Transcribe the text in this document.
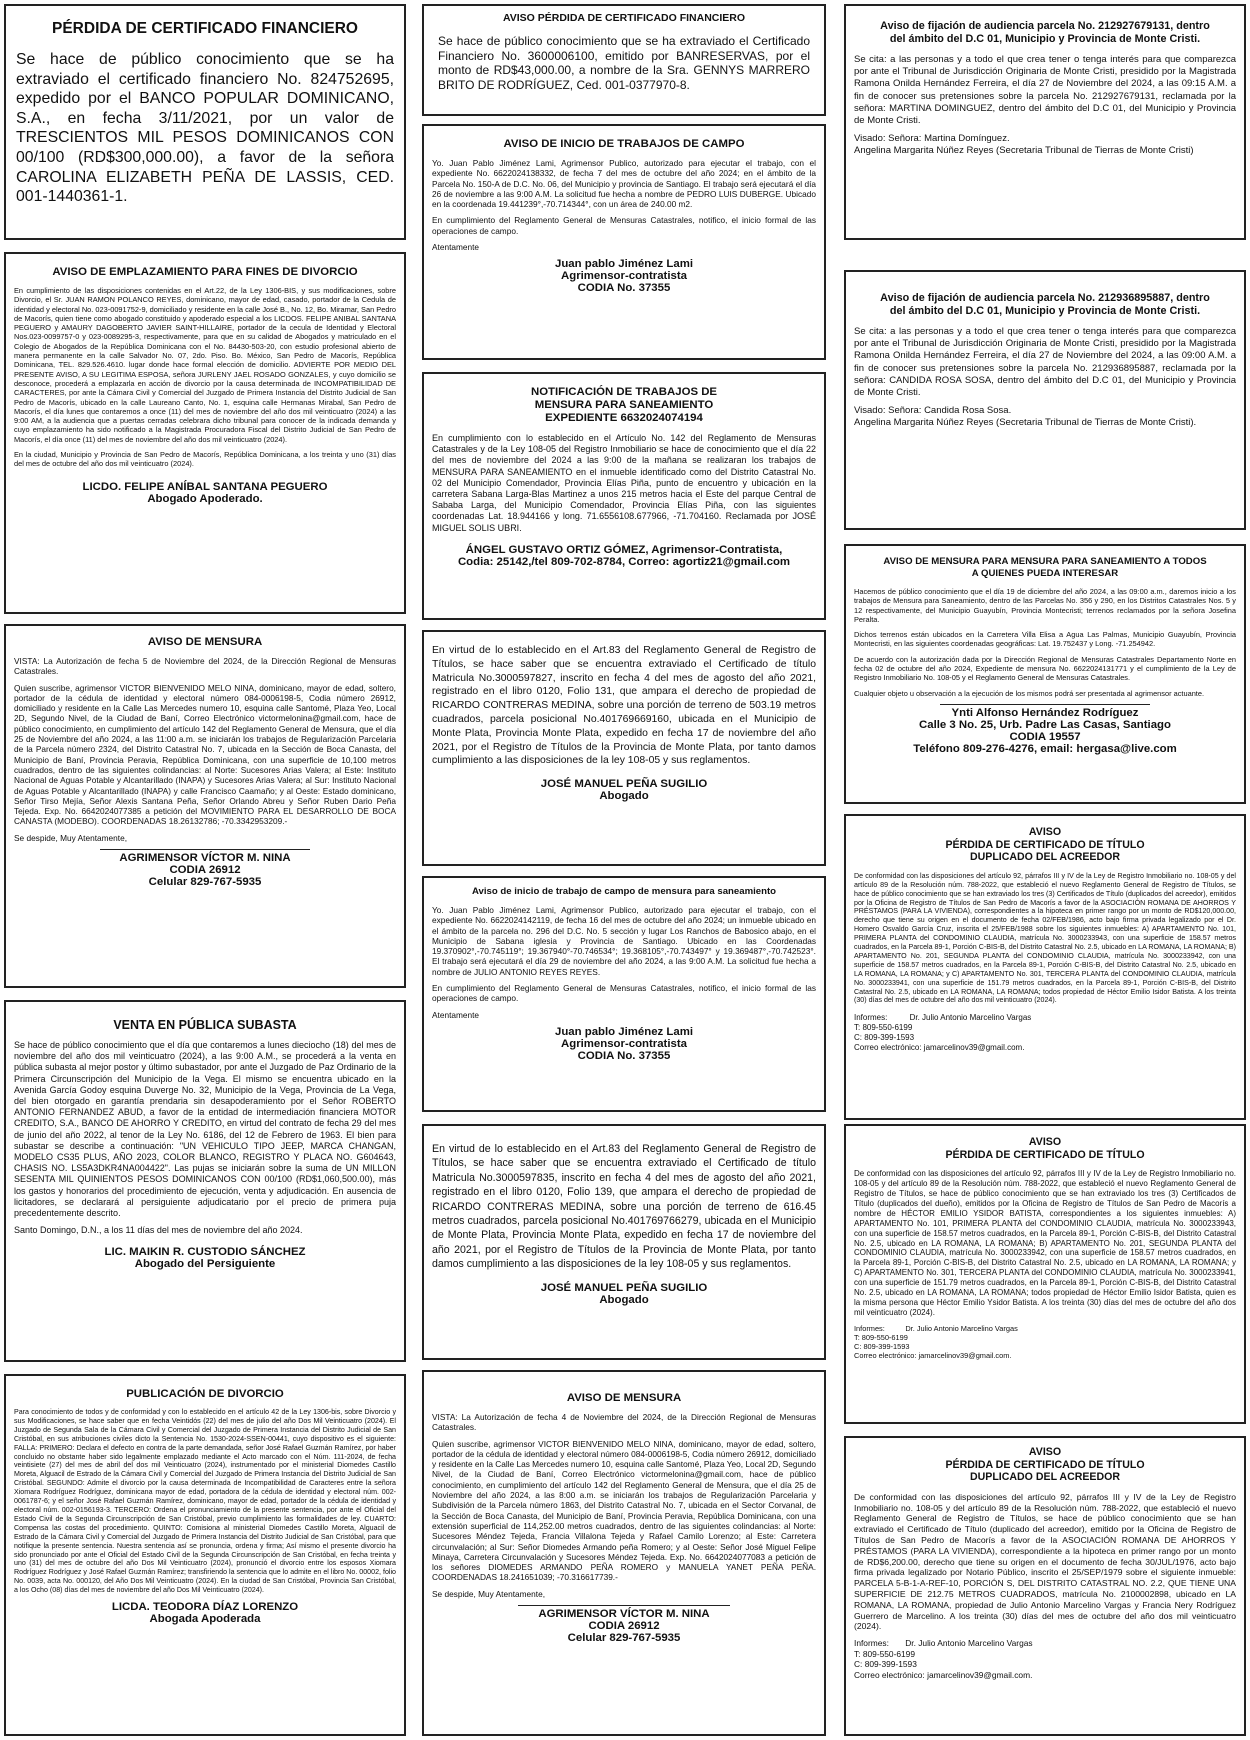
PÉRDIDA DE CERTIFICADO FINANCIERO

Se hace de público conocimiento que se ha extraviado el certificado financiero No. 824752695, expedido por el BANCO POPULAR DOMINICANO, S.A., en fecha 3/11/2021, por un valor de TRESCIENTOS MIL PESOS DOMINICANOS CON 00/100 (RD$300,000.00), a favor de la señora CAROLINA ELIZABETH PEÑA DE LASSIS, CED. 001-1440361-1.

AVISO DE EMPLAZAMIENTO PARA FINES DE DIVORCIO

En cumplimiento de las disposiciones contenidas en el Art.22, de la Ley 1306-BIS, y sus modificaciones, sobre Divorcio, el Sr. JUAN RAMON POLANCO REYES, dominicano, mayor de edad, casado, portador de la Cedula de identidad y electoral No. 023-0091752-9, domiciliado y residente en la calle José B., No. 12, Bo. Miramar, San Pedro de Macorís, quien tiene como abogado constituido y apoderado especial a los LICDOS. FELIPE ANIBAL SANTANA PEGUERO y AMAURY DAGOBERTO JAVIER SAINT-HILLAIRE, portador de la cecula de Identidad y Electoral Nos.023-0099757-0 y 023-0089295-3, respectivamente, para que en su calidad de Abogados y matriculado en el Colegio de Abogados de la República Dominicana con el No. 84430-503-20, con estudio profesional abierto de manera permanente en la calle Salvador No. 07, 2do. Piso. Bo. México, San Pedro de Macorís, República Dominicana, TEL. 829.526.4610. lugar donde hace formal elección de domicilio. ADVIERTE POR MEDIO DEL PRESENTE AVISO, A SU LEGITIMA ESPOSA, señora JURLENY JAEL ROSADO GONZALES, y cuyo domicilio se desconoce, procederá a emplazarla en acción de divorcio por la causa determinada de INCOMPATIBILIDAD DE CARACTERES, por ante la Cámara Civil y Comercial del Juzgado de Primera Instancia del Distrito Judicial de San Pedro de Macorís, ubicado en la calle Laureano Canto, No. 1, esquina calle Hermanas Mirabal, San Pedro de Macorís, el día lunes que contaremos a once (11) del mes de noviembre del año dos mil veinticuatro (2024) a las 9:00 AM, a la audiencia que a puertas cerradas celebrara dicho tribunal para conocer de la indicada demanda y cuyo emplazamiento ha sido notificado a la Magistrada Procuradora Fiscal del Distrito Judicial de San Pedro de Macorís, el día once (11) del mes de noviembre del año dos mil veinticuatro (2024).

En la ciudad, Municipio y Provincia de San Pedro de Macorís, República Dominicana, a los treinta y uno (31) días del mes de octubre del año dos mil veinticuatro (2024).

LICDO. FELIPE ANÍBAL SANTANA PEGUERO
Abogado Apoderado.
AVISO DE MENSURA

VISTA: La Autorización de fecha 5 de Noviembre del 2024, de la Dirección Regional de Mensuras Catastrales.

Quien suscribe, agrimensor VICTOR BIENVENIDO MELO NINA, dominicano, mayor de edad, soltero, portador de la cédula de identidad y electoral número 084-0006198-5, Codia número 26912, domiciliado y residente en la Calle Las Mercedes numero 10, esquina calle Santomé, Plaza Yeo, Local 2D, Segundo Nivel, de la Ciudad de Baní, Correo Electrónico victormelonina@gmail.com, hace de público conocimiento, en cumplimiento del artículo 142 del Reglamento General de Mensura, que el día 25 de Noviembre del año 2024, a las 11:00 a.m. se iniciarán los trabajos de Regularización Parcelaria de la Parcela número 2324, del Distrito Catastral No. 7, ubicada en la Sección de Boca Canasta, del Municipio de Baní, Provincia Peravia, República Dominicana, con una superficie de 10,100 metros cuadrados, dentro de las siguientes colindancias: al Norte: Sucesores Arias Valera; al Este: Instituto Nacional de Aguas Potable y Alcantarillado (INAPA) y Sucesores Arias Valera; al Sur: Instituto Nacional de Aguas Potable y Alcantarillado (INAPA) y calle Francisco Caamaño; y al Oeste: Estado dominicano, Señor Tirso Mejía, Señor Alexis Santana Peña, Señor Orlando Abreu y Señor Ruben Dario Peña Tejeda. Exp. No. 6642024077385 a petición del MOVIMIENTO PARA EL DESARROLLO DE BOCA CANASTA (MODEBO). COORDENADAS 18.26132786; -70.3342953209.-

Se despide, Muy Atentamente,

AGRIMENSOR VÍCTOR M. NINA
CODIA 26912
Celular 829-767-5935
VENTA EN PÚBLICA SUBASTA

Se hace de público conocimiento que el día que contaremos a lunes dieciocho (18) del mes de noviembre del año dos mil veinticuatro (2024), a las 9:00 A.M., se procederá a la venta en pública subasta al mejor postor y último subastador, por ante el Juzgado de Paz Ordinario de la Primera Circunscripción del Municipio de la Vega. El mismo se encuentra ubicado en la Avenida García Godoy esquina Duverge No. 32, Municipio de la Vega, Provincia de La Vega, del bien otorgado en garantía prendaria sin desapoderamiento por el Señor ROBERTO ANTONIO FERNANDEZ ABUD, a favor de la entidad de intermediación financiera MOTOR CREDITO, S.A., BANCO DE AHORRO Y CREDITO, en virtud del contrato de fecha 29 del mes de junio del año 2022, al tenor de la Ley No. 6186, del 12 de Febrero de 1963. El bien para subastar se describe a continuación: "UN VEHICULO TIPO JEEP, MARCA CHANGAN, MODELO CS35 PLUS, AÑO 2023, COLOR BLANCO, REGISTRO Y PLACA NO. G604643, CHASIS NO. LS5A3DKR4NA004422". Las pujas se iniciarán sobre la suma de UN MILLON SESENTA MIL QUINIENTOS PESOS DOMINICANOS CON 00/100 (RD$1,060,500.00), más los gastos y honorarios del procedimiento de ejecución, venta y adjudicación. En ausencia de licitadores, se declarará al persiguiente adjudicatario por el precio de primera puja precedentemente descrito.

Santo Domingo, D.N., a los 11 días del mes de noviembre del año 2024.

LIC. MAIKIN R. CUSTODIO SÁNCHEZ
Abogado del Persiguiente
PUBLICACIÓN DE DIVORCIO

Para conocimiento de todos y de conformidad y con lo establecido en el artículo 42 de la Ley 1306-bis, sobre Divorcio y sus Modificaciones, se hace saber que en fecha Veintidós (22) del mes de julio del año Dos Mil Veinticuatro (2024). El Juzgado de Segunda Sala de la Cámara Civil y Comercial del Juzgado de Primera Instancia del Distrito Judicial de San Cristóbal, en sus atribuciones civiles dicto la Sentencia No. 1530-2024-SSEN-00441, cuyo dispositivo es el siguiente: FALLA: PRIMERO: Declara el defecto en contra de la parte demandada, señor José Rafael Guzmán Ramírez, por haber concluido no obstante haber sido legalmente emplazado mediante el Acto marcado con el Núm. 111-2024, de fecha veintisiete (27) del mes de abril del dos mil Veinticuatro (2024), instrumentado por el ministerial Diomedes Castillo Moreta, Alguacil de Estrado de la Cámara Civil y Comercial del Juzgado de Primera Instancia del Distrito Judicial de San Cristóbal. SEGUNDO: Admite el divorcio por la causa determinada de Incompatibilidad de Caracteres entre la señora Xiomara Rodríguez Rodríguez, dominicana mayor de edad, portadora de la cédula de identidad y electoral núm. 002-0061787-6; y el señor José Rafael Guzmán Ramírez, dominicano, mayor de edad, portador de la cédula de identidad y electoral núm. 002-0156193-3. TERCERO: Ordena el pronunciamiento de la presente sentencia, por ante el Oficial del Estado Civil de la Segunda Circunscripción de San Cristóbal, previo cumplimiento las formalidades de ley. CUARTO: Compensa las costas del procedimiento. QUINTO: Comisiona al ministerial Diomedes Castillo Moreta, Alguacil de Estrado de la Cámara Civil y Comercial del Juzgado de Primera Instancia del Distrito Judicial de San Cristóbal, para que notifique la presente sentencia. Nuestra sentencia así se pronuncia, ordena y firma; Así mismo el presente divorcio ha sido pronunciado por ante el Oficial del Estado Civil de la Segunda Circunscripción de San Cristóbal, en fecha treinta y uno (31) del mes de octubre del año Dos Mil Veinticuatro (2024), pronunció el divorcio entre los esposos Xiomara Rodríguez Rodríguez y José Rafael Guzmán Ramírez; transfiriendo la sentencia que lo admite en el libro No. 00002, folio No. 0039, acta No. 000120, del Año Dos Mil Veinticuatro (2024). En la ciudad de San Cristóbal, Provincia San Cristóbal, a los Ocho (08) días del mes de noviembre del año Dos Mil Veinticuatro (2024).

LICDA. TEODORA DÍAZ LORENZO
Abogada Apoderada
AVISO PÉRDIDA DE CERTIFICADO FINANCIERO

Se hace de público conocimiento que se ha extraviado el Certificado Financiero No. 3600006100, emitido por BANRESERVAS, por el monto de RD$43,000.00, a nombre de la Sra. GENNYS MARRERO BRITO DE RODRÍGUEZ, Ced. 001-0377970-8.

AVISO DE INICIO DE TRABAJOS DE CAMPO

Yo. Juan Pablo Jiménez Lami, Agrimensor Publico, autorizado para ejecutar el trabajo, con el expediente No. 6622024138332, de fecha 7 del mes de octubre del año 2024; en el ámbito de la Parcela No. 150-A de D.C. No. 06, del Municipio y provincia de Santiago. El trabajo será ejecutará el día 26 de noviembre a las 9:00 A.M. La solicitud fue hecha a nombre de PEDRO LUIS DUBERGE. Ubicado en la coordenada 19.441239°,-70.714344°, con un área de 240.00 m2.

En cumplimiento del Reglamento General de Mensuras Catastrales, notifico, el inicio formal de las operaciones de campo.

Atentamente

Juan pablo Jiménez Lami
Agrimensor-contratista
CODIA No. 37355
NOTIFICACIÓN DE TRABAJOS DE
MENSURA PARA SANEAMIENTO
EXPEDIENTE 6632024074194

En cumplimiento con lo establecido en el Artículo No. 142 del Reglamento de Mensuras Catastrales y de la Ley 108-05 del Registro Inmobiliario se hace de conocimiento que el día 22 del mes de noviembre del 2024 a las 9:00 de la mañana se realizaran los trabajos de MENSURA PARA SANEAMIENTO en el inmueble identificado como del Distrito Catastral No. 02 del Municipio Comendador, Provincia Elías Piña, punto de encuentro y ubicación en la carretera Sabana Larga-Blas Martinez a unos 215 metros hacia el Este del parque Central de Sababa Larga, del Municipio Comendador, Provincia Elías Piña, con las siguientes coordenadas Lat. 18.944166 y long. 71.6556108.677966, -71.704160. Reclamada por JOSÉ MIGUEL SOLIS UBRI.

ÁNGEL GUSTAVO ORTIZ GÓMEZ, Agrimensor-Contratista,
Codia: 25142,/tel 809-702-8784, Correo: agortiz21@gmail.com

En virtud de lo establecido en el Art.83 del Reglamento General de Registro de Títulos, se hace saber que se encuentra extraviado el Certificado de título Matricula No.3000597827, inscrito en fecha 4 del mes de agosto del año 2021, registrado en el libro 0120, Folio 131, que ampara el derecho de propiedad de RICARDO CONTRERAS MEDINA, sobre una porción de terreno de 503.19 metros cuadrados, parcela posicional No.401769669160, ubicada en el Municipio de Monte Plata, Provincia Monte Plata, expedido en fecha 17 de noviembre del año 2021, por el Registro de Títulos de la Provincia de Monte Plata, por tanto damos cumplimiento a las disposiciones de la ley 108-05 y sus reglamentos.

JOSÉ MANUEL PEÑA SUGILIO
Abogado
Aviso de inicio de trabajo de campo de mensura para saneamiento

Yo. Juan Pablo Jiménez Lami, Agrimensor Publico, autorizado para ejecutar el trabajo, con el expediente No. 6622024142119, de fecha 16 del mes de octubre del año 2024; un inmueble ubicado en el ámbito de la parcela no. 296 del D.C. No. 5 sección y lugar Los Ranchos de Babosico abajo, en el Municipio de Sabana iglesia y Provincia de Santiago. Ubicado en las Coordenadas 19.370902°,-70.745119°; 19.367940°-70.746534°; 19.368105°,-70.743497° y 19.369487°,-70.742523°. El trabajo será ejecutará el día 29 de noviembre del año 2024, a las 9:00 A.M. La solicitud fue hecha a nombre de JULIO ANTONIO REYES REYES.

En cumplimiento del Reglamento General de Mensuras Catastrales, notifico, el inicio formal de las operaciones de campo.

Atentamente

Juan pablo Jiménez Lami
Agrimensor-contratista
CODIA No. 37355

En virtud de lo establecido en el Art.83 del Reglamento General de Registro de Títulos, se hace saber que se encuentra extraviado el Certificado de título Matricula No.3000597835, inscrito en fecha 4 del mes de agosto del año 2021, registrado en el libro 0120, Folio 139, que ampara el derecho de propiedad de RICARDO CONTRERAS MEDINA, sobre una porción de terreno de 616.45 metros cuadrados, parcela posicional No.401769766279, ubicada en el Municipio de Monte Plata, Provincia Monte Plata, expedido en fecha 17 de noviembre del año 2021, por el Registro de Títulos de la Provincia de Monte Plata, por tanto damos cumplimiento a las disposiciones de la ley 108-05 y sus reglamentos.

JOSÉ MANUEL PEÑA SUGILIO
Abogado
AVISO DE MENSURA

VISTA: La Autorización de fecha 4 de Noviembre del 2024, de la Dirección Regional de Mensuras Catastrales.

Quien suscribe, agrimensor VICTOR BIENVENIDO MELO NINA, dominicano, mayor de edad, soltero, portador de la cédula de identidad y electoral número 084-0006198-5, Codia número 26912, domiciliado y residente en la Calle Las Mercedes numero 10, esquina calle Santomé, Plaza Yeo, Local 2D, Segundo Nivel, de la Ciudad de Baní, Correo Electrónico victormelonina@gmail.com, hace de público conocimiento, en cumplimiento del artículo 142 del Reglamento General de Mensura, que el día 25 de Noviembre del año 2024, a las 8:00 a.m. se iniciarán los trabajos de Regularización Parcelaria y Subdivisión de la Parcela número 1863, del Distrito Catastral No. 7, ubicada en el Sector Corvanal, de la Sección de Boca Canasta, del Municipio de Baní, Provincia Peravia, República Dominicana, con una extensión superficial de 114,252.00 metros cuadrados, dentro de las siguientes colindancias: al Norte: Sucesores Méndez Tejeda, Francia Villalona Tejeda y Rafael Camilo Lorenzo; al Este: Carretera circunvalación; al Sur: Señor Diomedes Armando peña Romero; y al Oeste: Señor José Miguel Felipe Minaya, Carretera Circunvalación y Sucesores Méndez Tejeda. Exp. No. 6642024077083 a petición de los señores DIOMEDES ARMANDO PEÑA ROMERO y MANUELA YANET PEÑA PEÑA. COORDENADAS 18.241651039; -70.316617739.-

Se despide, Muy Atentamente,

AGRIMENSOR VÍCTOR M. NINA
CODIA 26912
Celular 829-767-5935
Aviso de fijación de audiencia parcela No. 212927679131, dentro
del ámbito del D.C 01, Municipio y Provincia de Monte Cristi.

Se cita: a las personas y a todo el que crea tener o tenga interés para que comparezca por ante el Tribunal de Jurisdicción Originaria de Monte Cristi, presidido por la Magistrada Ramona Onilda Hernández Ferreira, el día 27 de Noviembre del 2024, a las 09:15 A.M. a fin de conocer sus pretensiones sobre la parcela No. 212927679131, reclamada por la señora: MARTINA DOMINGUEZ, dentro del ámbito del D.C 01, del Municipio y Provincia de Monte Cristi.

Visado: Señora: Martina Domínguez.

Angelina Margarita Núñez Reyes (Secretaria Tribunal de Tierras de Monte Cristi)

Aviso de fijación de audiencia parcela No. 212936895887, dentro
del ámbito del D.C 01, Municipio y Provincia de Monte Cristi.

Se cita: a las personas y a todo el que crea tener o tenga interés para que comparezca por ante el Tribunal de Jurisdicción Originaria de Monte Cristi, presidido por la Magistrada Ramona Onilda Hernández Ferreira, el día 27 de Noviembre del 2024, a las 09:00 A.M. a fin de conocer sus pretensiones sobre la parcela No. 212936895887, reclamada por la señora: CANDIDA ROSA SOSA, dentro del ámbito del D.C 01, del Municipio y Provincia de Monte Cristi.

Visado: Señora: Candida Rosa Sosa.

Angelina Margarita Núñez Reyes (Secretaria Tribunal de Tierras de Monte Cristi).

AVISO DE MENSURA PARA MENSURA PARA SANEAMIENTO A TODOS
A QUIENES PUEDA INTERESAR

Hacemos de público conocimiento que el día 19 de diciembre del año 2024, a las 09:00 a.m., daremos inicio a los trabajos de Mensura para Saneamiento, dentro de las Parcelas No. 356 y 290, en los Distritos Catastrales Nos. 5 y 12 respectivamente, del Municipio Guayubín, Provincia Montecristi; terrenos reclamados por la señora Josefina Peralta.

Dichos terrenos están ubicados en la Carretera Villa Elisa a Agua Las Palmas, Municipio Guayubín, Provincia Montecristi, en las siguientes coordenadas geográficas: Lat. 19.752437 y Long. -71.254942.

De acuerdo con la autorización dada por la Dirección Regional de Mensuras Catastrales Departamento Norte en fecha 02 de octubre del año 2024, Expediente de mensura No. 6622024131771 y el cumplimiento de la Ley de Registro Inmobiliario No. 108-05 y el Reglamento General de Mensuras Catastrales.

Cualquier objeto u observación a la ejecución de los mismos podrá ser presentada al agrimensor actuante.

Ynti Alfonso Hernández Rodríguez
Calle 3 No. 25, Urb. Padre Las Casas, Santiago
CODIA 19557
Teléfono 809-276-4276, email: hergasa@live.com
AVISO
PÉRDIDA DE CERTIFICADO DE TÍTULO
DUPLICADO DEL ACREEDOR

De conformidad con las disposiciones del artículo 92, párrafos III y IV de la Ley de Registro Inmobiliario no. 108-05 y del artículo 89 de la Resolución núm. 788-2022, que estableció el nuevo Reglamento General de Registro de Títulos, se hace de público conocimiento que se han extraviado los tres (3) Certificados de Título (duplicados del acreedor), emitidos por la Oficina de Registro de Títulos de San Pedro de Macorís a favor de la ASOCIACIÓN ROMANA DE AHORROS Y PRÉSTAMOS (PARA LA VIVIENDA), correspondientes a la hipoteca en primer rango por un monto de RD$120,000.00, derecho que tiene su origen en el documento de fecha 02/FEB/1986, acto bajo firma privada legalizado por el Dr. Homero Osvaldo García Cruz, inscrita el 25/FEB/1988 sobre los siguientes inmuebles: A) APARTAMENTO No. 101, PRIMERA PLANTA del CONDOMINIO CLAUDIA, matrícula No. 3000233943, con una superficie de 158.57 metros cuadrados, en la Parcela 89-1, Porción C-BIS-B, del Distrito Catastral No. 2.5, ubicado en LA ROMANA, LA ROMANA; B) APARTAMENTO No. 201, SEGUNDA PLANTA del CONDOMINIO CLAUDIA, matrícula No. 3000233942, con una superficie de 158.57 metros cuadrados, en la Parcela 89-1, Porción C-BIS-B, del Distrito Catastral No. 2.5, ubicado en LA ROMANA, LA ROMANA; y C) APARTAMENTO No. 301, TERCERA PLANTA del CONDOMINIO CLAUDIA, matrícula No. 3000233941, con una superficie de 151.79 metros cuadrados, en la Parcela 89-1, Porción C-BIS-B, del Distrito Catastral No. 2.5, ubicado en LA ROMANA, LA ROMANA; todos propiedad de Héctor Emilio Isidor Batista. A los treinta (30) días del mes de octubre del año dos mil veinticuatro (2024).

Informes:          Dr. Julio Antonio Marcelino Vargas
T: 809-550-6199
C: 809-399-1593
Correo electrónico: jamarcelinov39@gmail.com.
AVISO
PÉRDIDA DE CERTIFICADO DE TÍTULO

De conformidad con las disposiciones del artículo 92, párrafos III y IV de la Ley de Registro Inmobiliario no. 108-05 y del artículo 89 de la Resolución núm. 788-2022, que estableció el nuevo Reglamento General de Registro de Títulos, se hace de público conocimiento que se han extraviado los tres (3) Certificados de Título (duplicados del dueño), emitidos por la Oficina de Registro de Títulos de San Pedro de Macorís a nombre de HÉCTOR EMILIO YSIDOR BATISTA, correspondientes a los siguientes inmuebles: A) APARTAMENTO No. 101, PRIMERA PLANTA del CONDOMINIO CLAUDIA, matrícula No. 3000233943, con una superficie de 158.57 metros cuadrados, en la Parcela 89-1, Porción C-BIS-B, del Distrito Catastral No. 2.5, ubicado en LA ROMANA, LA ROMANA; B) APARTAMENTO No. 201, SEGUNDA PLANTA del CONDOMINIO CLAUDIA, matrícula No. 3000233942, con una superficie de 158.57 metros cuadrados, en la Parcela 89-1, Porción C-BIS-B, del Distrito Catastral No. 2.5, ubicado en LA ROMANA, LA ROMANA; y C) APARTAMENTO No. 301, TERCERA PLANTA del CONDOMINIO CLAUDIA, matrícula No. 3000233941, con una superficie de 151.79 metros cuadrados, en la Parcela 89-1, Porción C-BIS-B, del Distrito Catastral No. 2.5, ubicado en LA ROMANA, LA ROMANA; todos propiedad de Héctor Emilio Isidor Batista, quien es la misma persona que Héctor Emilio Ysidor Batista. A los treinta (30) días del mes de octubre del año dos mil veinticuatro (2024).

Informes:          Dr. Julio Antonio Marcelino Vargas
T: 809-550-6199
C: 809-399-1593
Correo electrónico: jamarcelinov39@gmail.com.
AVISO
PÉRDIDA DE CERTIFICADO DE TÍTULO
DUPLICADO DEL ACREEDOR

De conformidad con las disposiciones del artículo 92, párrafos III y IV de la Ley de Registro Inmobiliario no. 108-05 y del artículo 89 de la Resolución núm. 788-2022, que estableció el nuevo Reglamento General de Registro de Títulos, se hace de público conocimiento que se han extraviado el Certificado de Título (duplicado del acreedor), emitido por la Oficina de Registro de Títulos de San Pedro de Macorís a favor de la ASOCIACIÓN ROMANA DE AHORROS Y PRÉSTAMOS (PARA LA VIVIENDA), correspondiente a la hipoteca en primer rango por un monto de RD$6,200.00, derecho que tiene su origen en el documento de fecha 30/JUL/1976, acto bajo firma privada legalizado por Notario Público, inscrito el 25/SEP/1979 sobre el siguiente inmueble: PARCELA 5-B-1-A-REF-10, PORCIÓN S, DEL DISTRITO CATASTRAL NO. 2.2, QUE TIENE UNA SUPERFICIE DE 212.75 METROS CUADRADOS, matrícula No. 2100002898, ubicado en LA ROMANA, LA ROMANA, propiedad de Julio Antonio Marcelino Vargas y Francia Nery Rodríguez Guerrero de Marcelino. A los treinta (30) días del mes de octubre del año dos mil veinticuatro (2024).

Informes:       Dr. Julio Antonio Marcelino Vargas
T: 809-550-6199
C: 809-399-1593
Correo electrónico: jamarcelinov39@gmail.com.
